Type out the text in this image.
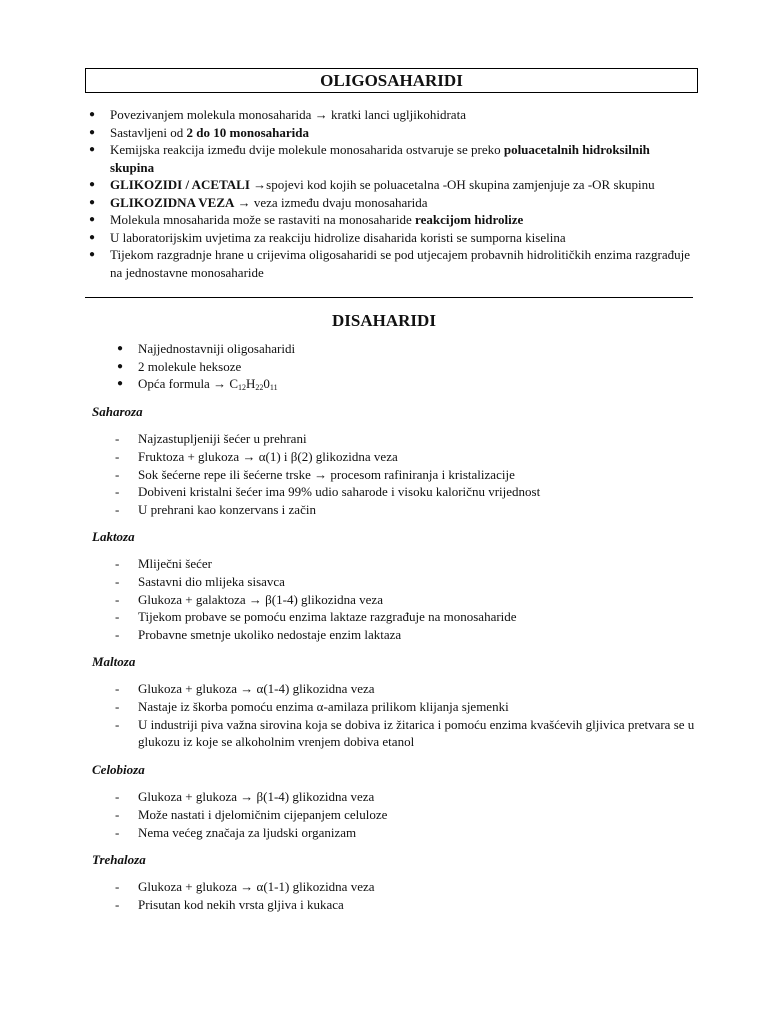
OLIGOSAHARIDI
● Povezivanjem molekula monosaharida → kratki lanci ugljikohidrata
● Sastavljeni od 2 do 10 monosaharida
● Kemijska reakcija između dvije molekule monosaharida ostvaruje se preko poluacetalnih hidroksilnih skupina
● GLIKOZIDI / ACETALI →spojevi kod kojih se poluacetalna -OH skupina zamjenjuje za -OR skupinu
● GLIKOZIDNA VEZA → veza između dvaju monosaharida
● Molekula mnosaharida može se rastaviti na monosaharide reakcijom hidrolize
● U laboratorijskim uvjetima za reakciju hidrolize disaharida koristi se sumporna kiselina
● Tijekom razgradnje hrane u crijevima oligosaharidi se pod utjecajem probavnih hidrolitičkih enzima razgrađuje na jednostavne monosaharide
DISAHARIDI
● Najjednostavniji oligosaharidi
● 2 molekule heksoze
● Opća formula → $C_{12}H_{22}0_{11}$
Saharoza
- Najzastupljeniji šećer u prehrani
- Fruktoza + glukoza → α(1) i β(2) glikozidna veza
- Sok šećerne repe ili šećerne trske → procesom rafiniranja i kristalizacije
- Dobiveni kristalni šećer ima 99% udio saharode i visoku kaloričnu vrijednost
- U prehrani kao konzervans i začin
Laktoza
- Mliječni šećer
- Sastavni dio mlijeka sisavca
- Glukoza + galaktoza → β(1-4) glikozidna veza
- Tijekom probave se pomoću enzima laktaze razgrađuje na monosaharide
- Probavne smetnje ukoliko nedostaje enzim laktaza
Maltoza
- Glukoza + glukoza → α(1-4) glikozidna veza
- Nastaje iz škorba pomoću enzima α-amilaza prilikom klijanja sjemenki
- U industriji piva važna sirovina koja se dobiva iz žitarica i pomoću enzima kvašćevih gljivica pretvara se u glukozu iz koje se alkoholnim vrenjem dobiva etanol
Celobioza
- Glukoza + glukoza → β(1-4) glikozidna veza
- Može nastati i djelomičnim cijepanjem celuloze
- Nema većeg značaja za ljudski organizam
Trehaloza
- Glukoza + glukoza → α(1-1) glikozidna veza
- Prisutan kod nekih vrsta gljiva i kukaca
